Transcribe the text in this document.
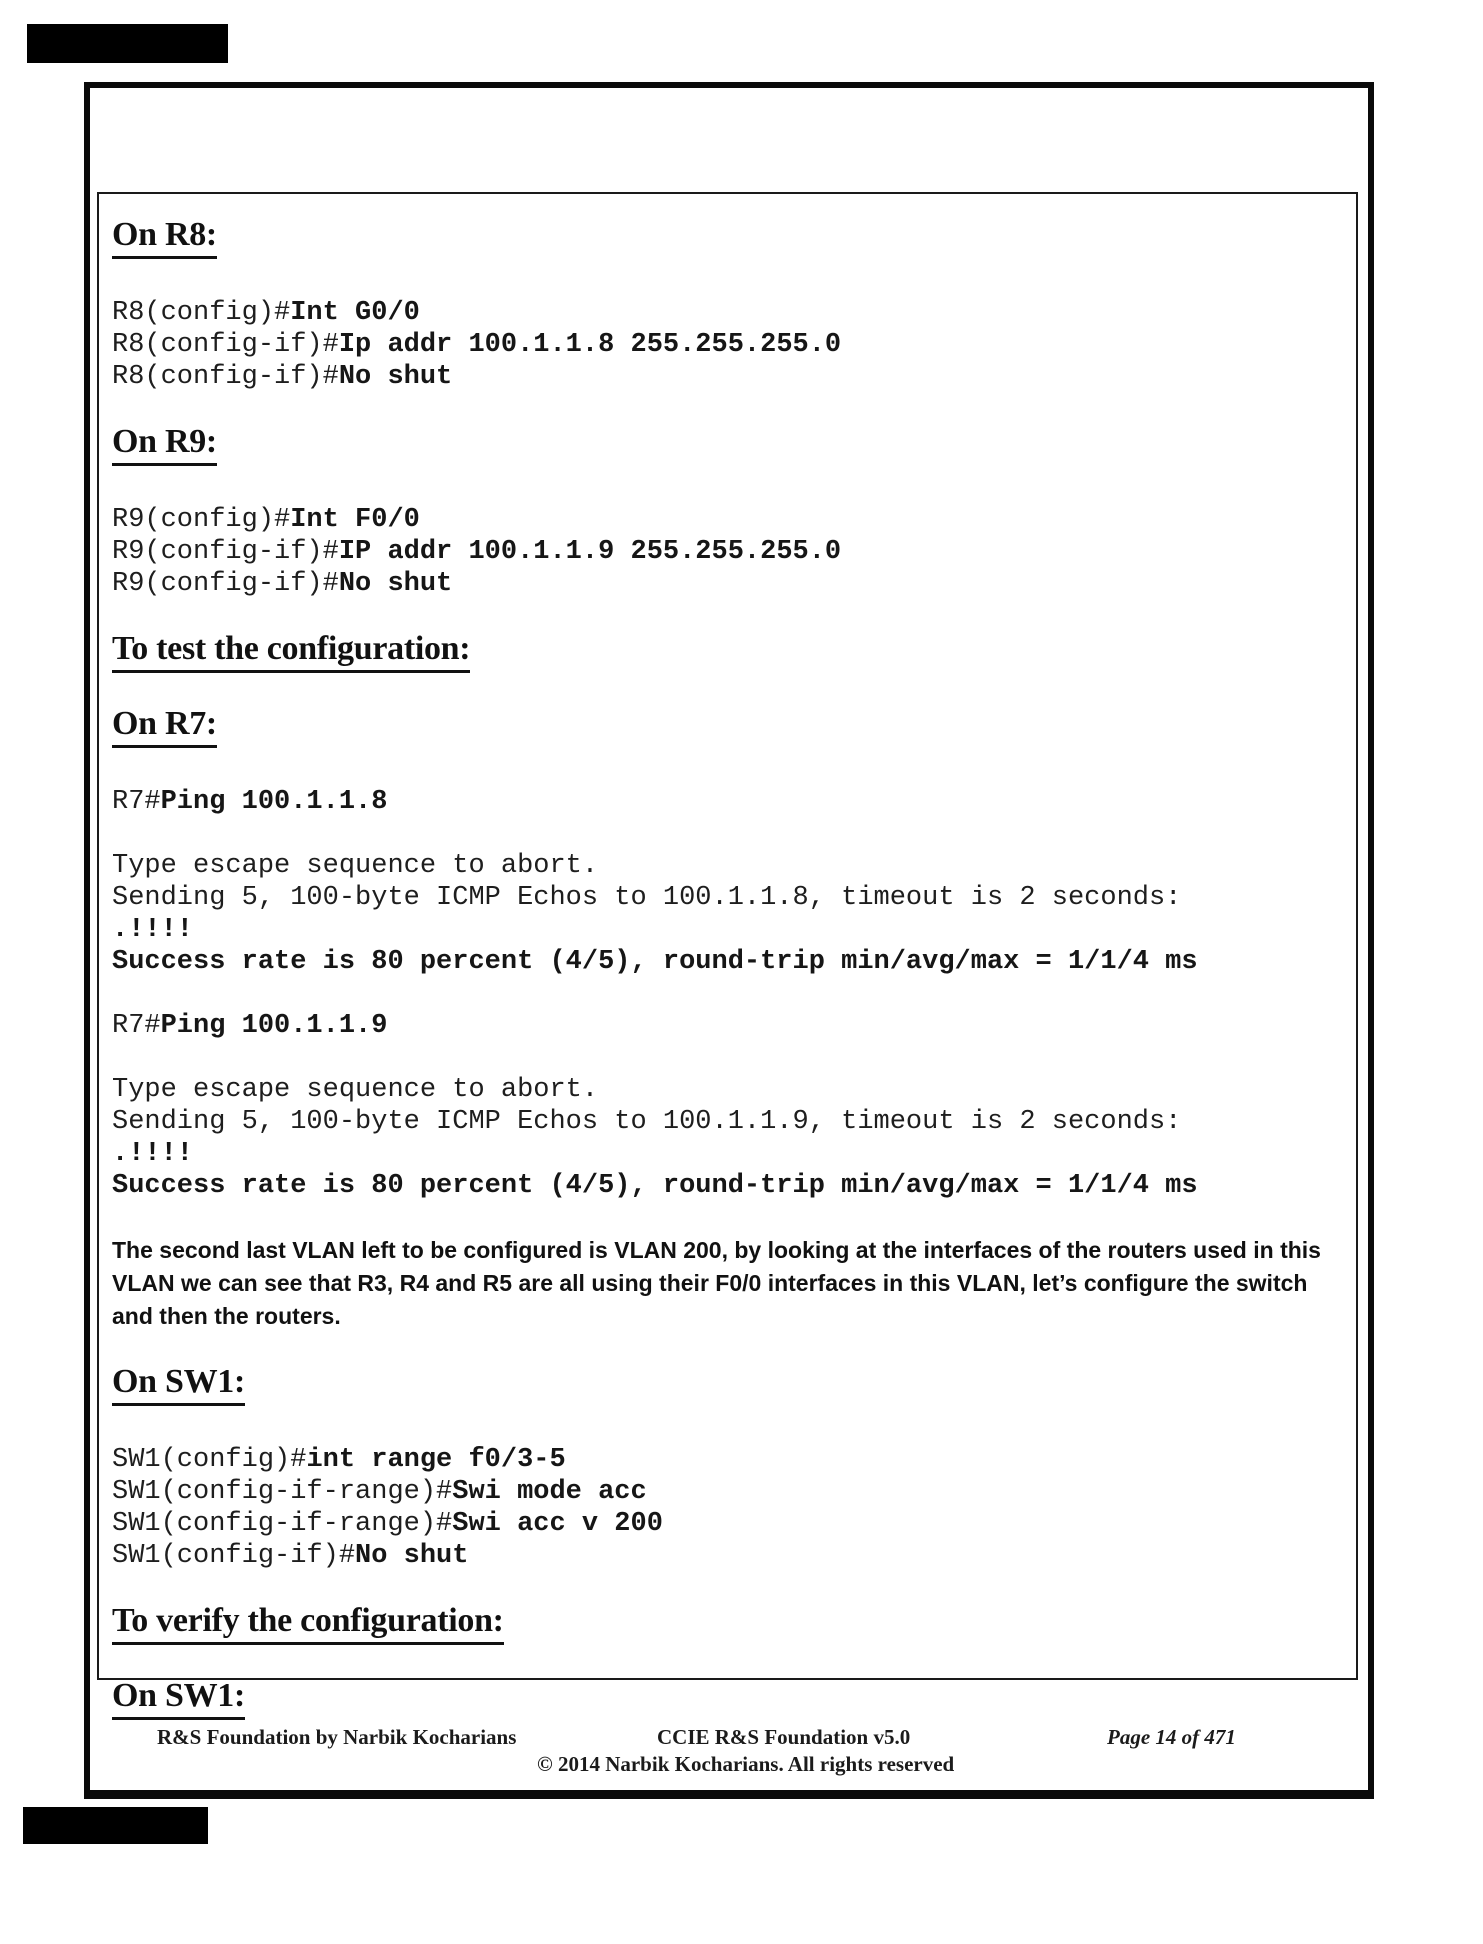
On R8:
R8(config)#Int G0/0
R8(config-if)#Ip addr 100.1.1.8 255.255.255.0
R8(config-if)#No shut
On R9:
R9(config)#Int F0/0
R9(config-if)#IP addr 100.1.1.9 255.255.255.0
R9(config-if)#No shut
To test the configuration:
On R7:
R7#Ping 100.1.1.8
Type escape sequence to abort.
Sending 5, 100-byte ICMP Echos to 100.1.1.8, timeout is 2 seconds:
.!!!!
Success rate is 80 percent (4/5), round-trip min/avg/max = 1/1/4 ms
R7#Ping 100.1.1.9
Type escape sequence to abort.
Sending 5, 100-byte ICMP Echos to 100.1.1.9, timeout is 2 seconds:
.!!!!
Success rate is 80 percent (4/5), round-trip min/avg/max = 1/1/4 ms

The second last VLAN left to be configured is VLAN 200, by looking at the interfaces of the routers used in this VLAN we can see that R3, R4 and R5 are all using their F0/0 interfaces in this VLAN, let’s configure the switch and then the routers.

On SW1:
SW1(config)#int range f0/3-5
SW1(config-if-range)#Swi mode acc
SW1(config-if-range)#Swi acc v 200
SW1(config-if)#No shut
To verify the configuration:
On SW1:
R&S Foundation by Narbik Kocharians	CCIE R&S Foundation v5.0	Page 14 of 471
© 2014 Narbik Kocharians. All rights reserved
